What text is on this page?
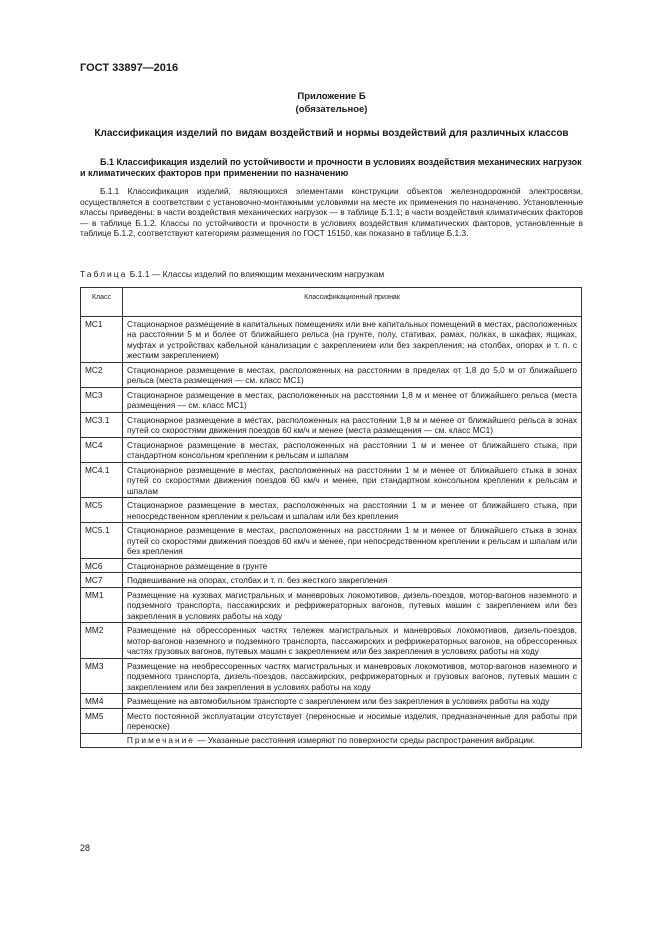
ГОСТ 33897—2016
Приложение Б
(обязательное)
Классификация изделий по видам воздействий и нормы воздействий для различных классов
Б.1 Классификация изделий по устойчивости и прочности в условиях воздействия механических нагрузок и климатических факторов при применении по назначению
Б.1.1 Классификация изделий, являющихся элементами конструкции объектов железнодорожной электросвязи, осуществляется в соответствии с установочно-монтажными условиями на месте их применения по назначению. Установленные классы приведены: в части воздействия механических нагрузок — в таблице Б.1.1; в части воздействия климатических факторов — в таблице Б.1.2. Классы по устойчивости и прочности в условиях воздействия климатических факторов, установленные в таблице Б.1.2, соответствуют категориям размещения по ГОСТ 15150, как показано в таблице Б.1.3.
Таблица Б.1.1 — Классы изделий по влияющим механическим нагрузкам
Класс	Классификационный признак
МС1	Стационарное размещение в капитальных помещениях или вне капитальных помещений в местах, расположенных на расстоянии 5 м и более от ближайшего рельса (на грунте, полу, стативах, рамах, полках, в шкафах, ящиках, муфтах и устройствах кабельной канализации с закреплением или без закрепления; на столбах, опорах и т. п. с жестким закреплением)
МС2	Стационарное размещение в местах, расположенных на расстоянии в пределах от 1,8 до 5,0 м от ближайшего рельса (места размещения — см. класс МС1)
МС3	Стационарное размещение в местах, расположенных на расстоянии 1,8 м и менее от ближайшего рельса (места размещения — см. класс МС1)
МС3.1	Стационарное размещение в местах, расположенных на расстоянии 1,8 м и менее от ближайшего рельса в зонах путей со скоростями движения поездов 60 км/ч и менее (места размещения — см. класс МС1)
МС4	Стационарное размещение в местах, расположенных на расстоянии 1 м и менее от ближайшего стыка, при стандартном консольном креплении к рельсам и шпалам
МС4.1	Стационарное размещение в местах, расположенных на расстоянии 1 м и менее от ближайшего стыка в зонах путей со скоростями движения поездов 60 км/ч и менее, при стандартном консольном креплении к рельсам и шпалам
МС5	Стационарное размещение в местах, расположенных на расстоянии 1 м и менее от ближайшего стыка, при непосредственном креплении к рельсам и шпалам или без крепления
МС5.1	Стационарное размещение в местах, расположенных на расстоянии 1 м и менее от ближайшего стыка в зонах путей со скоростями движения поездов 60 км/ч и менее, при непосредственном креплении к рельсам и шпалам или без крепления
МС6	Стационарное размещение в грунте
МС7	Подвешивание на опорах, столбах и т. п. без жесткого закрепления
ММ1	Размещение на кузовах магистральных и маневровых локомотивов, дизель-поездов, мотор-вагонов наземного и подземного транспорта, пассажирских и рефрижераторных вагонов, путевых машин с закреплением или без закрепления в условиях работы на ходу
ММ2	Размещение на обрессоренных частях тележек магистральных и маневровых локомотивов, дизель-поездов, мотор-вагонов наземного и подземного транспорта, пассажирских и рефрижераторных вагонов, на обрессоренных частях грузовых вагонов, путевых машин с закреплением или без закрепления в условиях работы на ходу
ММ3	Размещение на необрессоренных частях магистральных и маневровых локомотивов, мотор-вагонов наземного и подземного транспорта, дизель-поездов, пассажирских, рефрижераторных и грузовых вагонов, путевых машин с закреплением или без закрепления в условиях работы на ходу
ММ4	Размещение на автомобильном транспорте с закреплением или без закрепления в условиях работы на ходу
ММ5	Место постоянной эксплуатации отсутствует (переносные и носимые изделия, предназначенные для работы при переноске)
Примечание — Указанные расстояния измеряют по поверхности среды распространения вибрации.	
28
